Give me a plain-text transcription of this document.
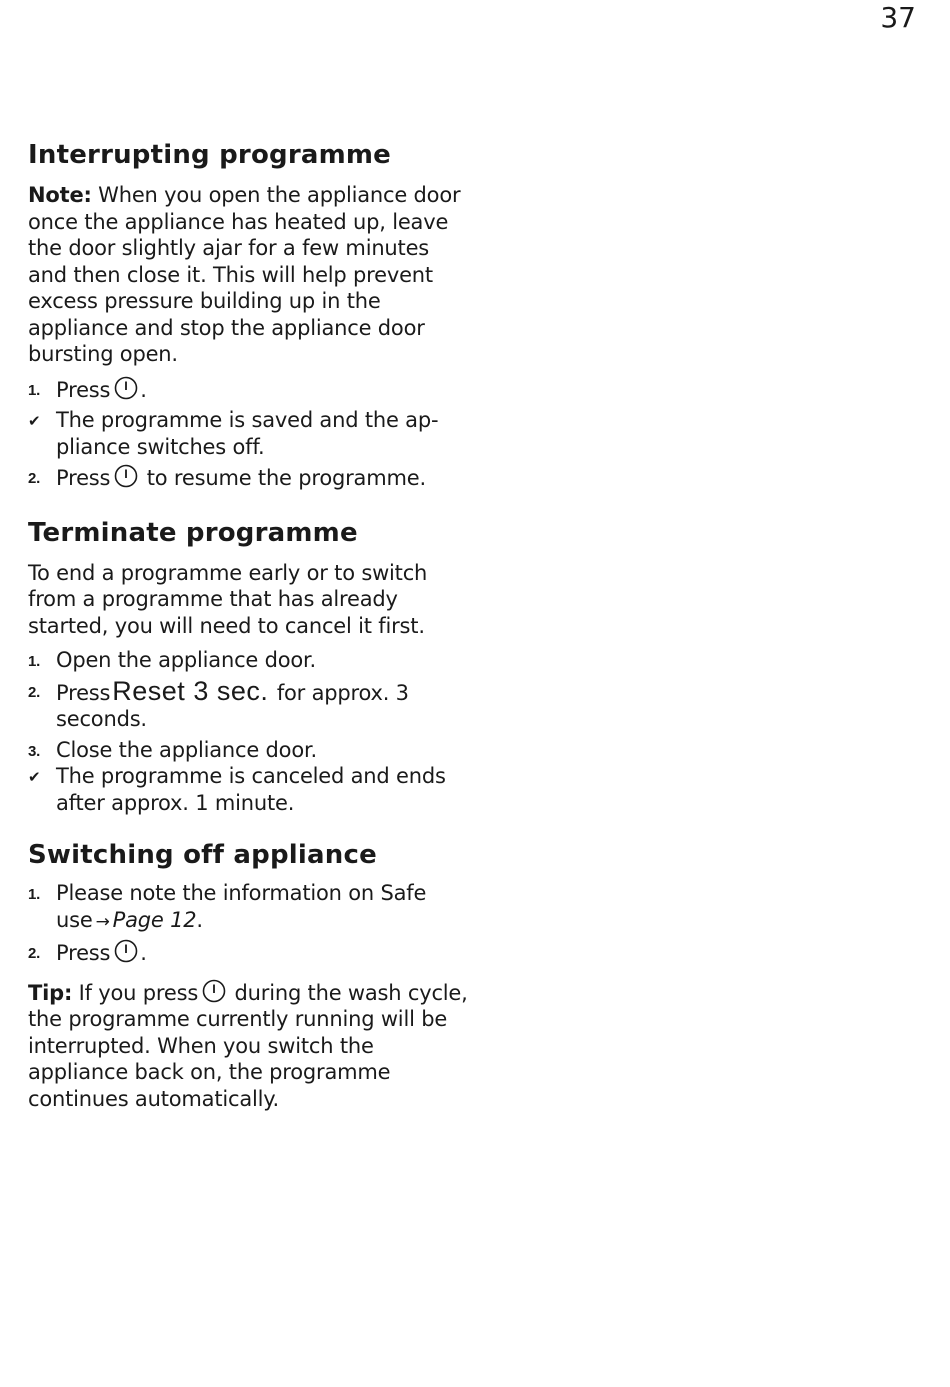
37
Interrupting programme

Note: When you open the appliance door once the appliance has heated up, leave the door slightly ajar for a few minutes and then close it. This will help prevent excess pressure building up in the appliance and stop the appliance door bursting open.

1. Press .
✔ The programme is saved and the ap-pliance switches off.
2. Press
to resume the programme.
Terminate programme

To end a programme early or to switch from a programme that has already started, you will need to cancel it first.

1. Open the appliance door.
2. PressReset 3 sec. for approx. 3 seconds.
3. Close the appliance door.
✔ The programme is canceled and ends after approx. 1 minute.
Switching off appliance
1. Please note the information on Safe use → Page 12.
2. Press .

Tip: If you press
during the wash cycle, the programme currently running will be interrupted. When you switch the appliance back on, the programme continues automatically.
